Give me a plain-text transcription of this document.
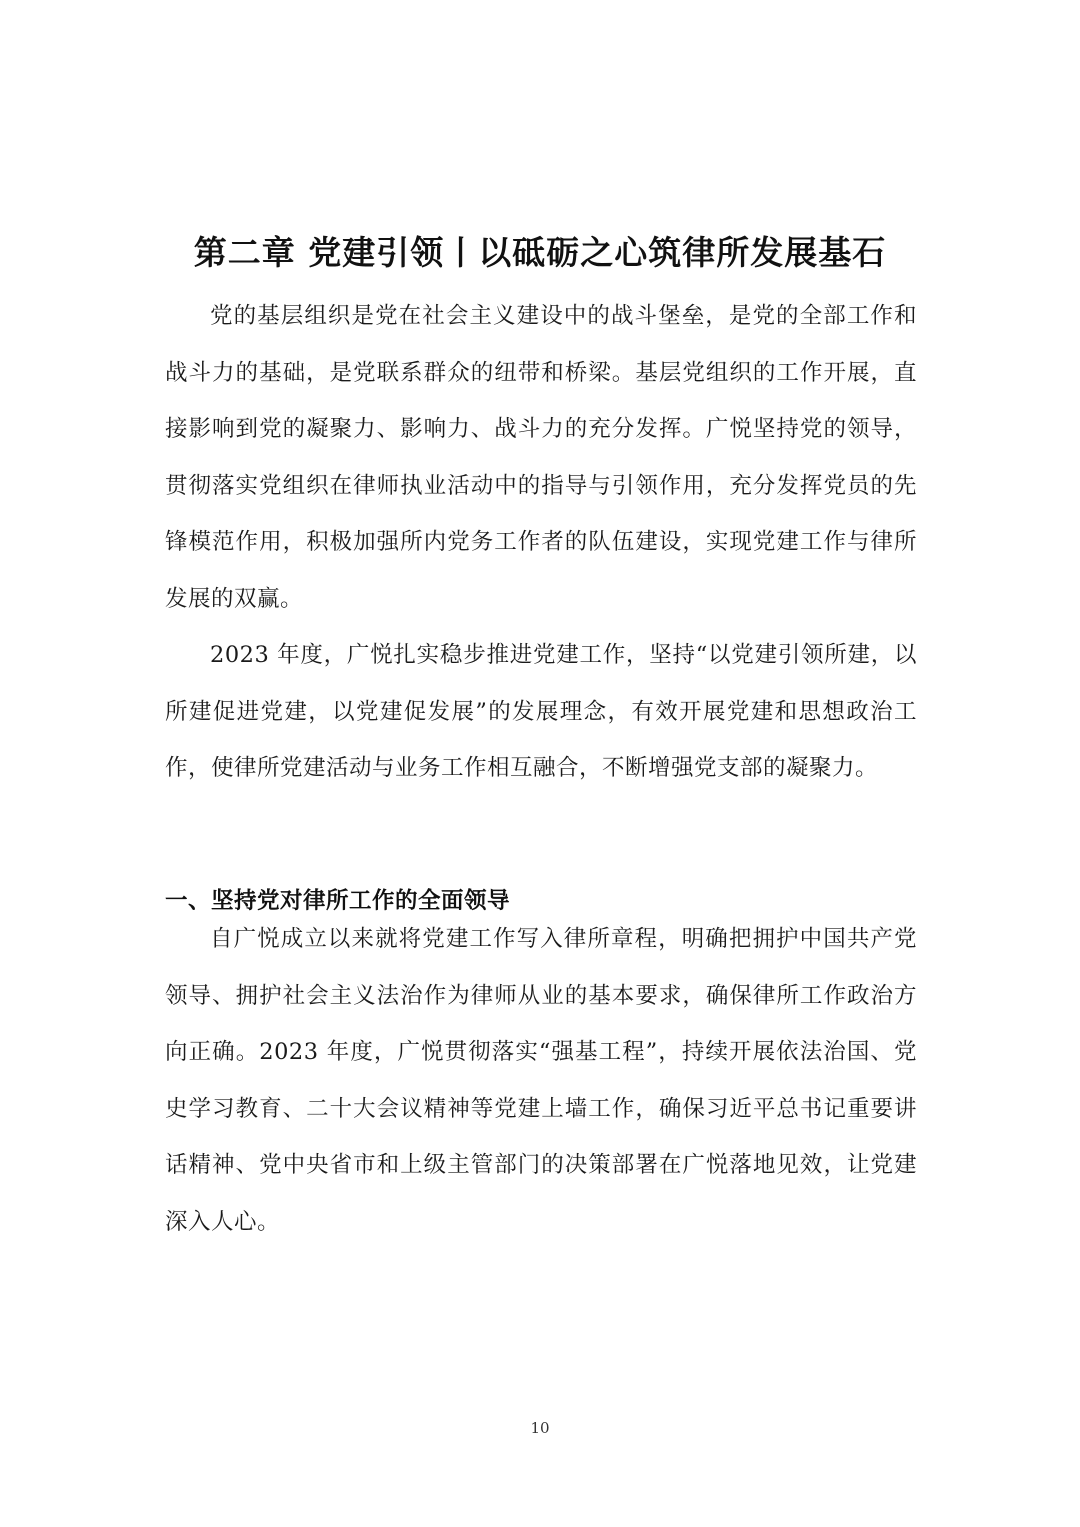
第二章 党建引领丨以砥砺之心筑律所发展基石

党的基层组织是党在社会主义建设中的战斗堡垒，是党的全部工作和战斗力的基础，是党联系群众的纽带和桥梁。基层党组织的工作开展，直接影响到党的凝聚力、影响力、战斗力的充分发挥。广悦坚持党的领导，贯彻落实党组织在律师执业活动中的指导与引领作用，充分发挥党员的先锋模范作用，积极加强所内党务工作者的队伍建设，实现党建工作与律所发展的双赢。

2023 年度，广悦扎实稳步推进党建工作，坚持“以党建引领所建，以所建促进党建，以党建促发展”的发展理念，有效开展党建和思想政治工作，使律所党建活动与业务工作相互融合，不断增强党支部的凝聚力。

一、坚持党对律所工作的全面领导

自广悦成立以来就将党建工作写入律所章程，明确把拥护中国共产党领导、拥护社会主义法治作为律师从业的基本要求，确保律所工作政治方向正确。2023 年度，广悦贯彻落实“强基工程”，持续开展依法治国、党史学习教育、二十大会议精神等党建上墙工作，确保习近平总书记重要讲话精神、党中央省市和上级主管部门的决策部署在广悦落地见效，让党建深入人心。

10
